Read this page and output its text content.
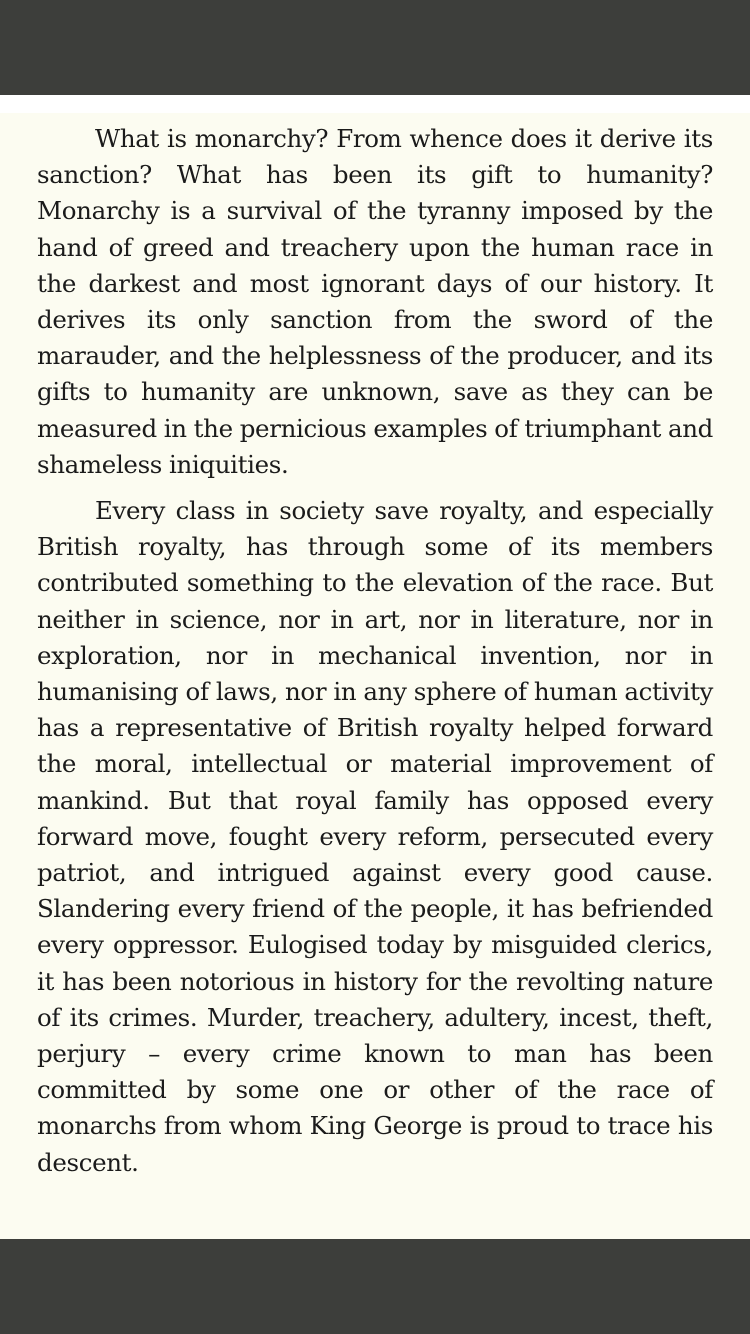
What is monarchy? From whence does it derive its sanction? What has been its gift to humanity? Monarchy is a survival of the tyranny imposed by the hand of greed and treachery upon the human race in the darkest and most ignorant days of our history. It derives its only sanction from the sword of the marauder, and the helplessness of the producer, and its gifts to humanity are unknown, save as they can be measured in the pernicious examples of triumphant and shameless iniquities.

Every class in society save royalty, and especially British royalty, has through some of its members contributed something to the elevation of the race. But neither in science, nor in art, nor in literature, nor in exploration, nor in mechanical invention, nor in humanising of laws, nor in any sphere of human activity has a representative of British royalty helped forward the moral, intellectual or material improvement of mankind. But that royal family has opposed every forward move, fought every reform, persecuted every patriot, and intrigued against every good cause. Slandering every friend of the people, it has befriended every oppressor. Eulogised today by misguided clerics, it has been notorious in history for the revolting nature of its crimes. Murder, treachery, adultery, incest, theft, perjury – every crime known to man has been committed by some one or other of the race of monarchs from whom King George is proud to trace his descent.
